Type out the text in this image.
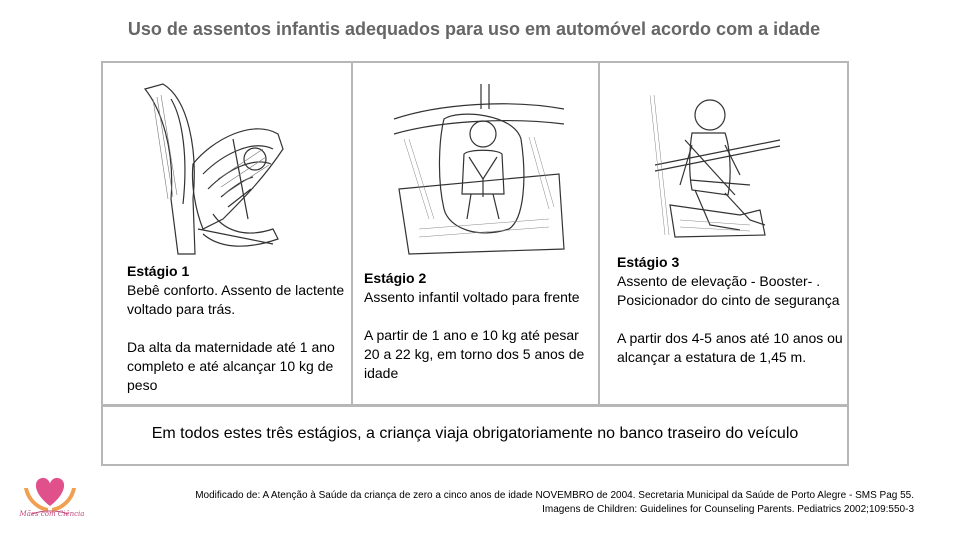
Uso de assentos infantis adequados para uso em automóvel acordo com a idade
Estágio 1
Bebê conforto. Assento de lactente voltado para trás.
Da alta da maternidade até 1 ano completo e até alcançar 10 kg de peso
Estágio 2
Assento infantil voltado para frente
A partir de 1 ano e 10 kg até pesar 20 a 22 kg, em torno dos 5 anos de idade
Estágio 3
Assento de elevação - Booster- . Posicionador do cinto de segurança
A partir dos 4-5 anos até 10 anos ou alcançar a estatura de 1,45 m.
Em todos estes três estágios, a criança viaja obrigatoriamente no banco traseiro do veículo
Mães com Ciência
Modificado de: A Atenção à Saúde da criança de zero a cinco anos de idade NOVEMBRO de 2004. Secretaria Municipal da Saúde de Porto Alegre - SMS Pag 55.
Imagens de Children: Guidelines for Counseling Parents. Pediatrics 2002;109:550-3
